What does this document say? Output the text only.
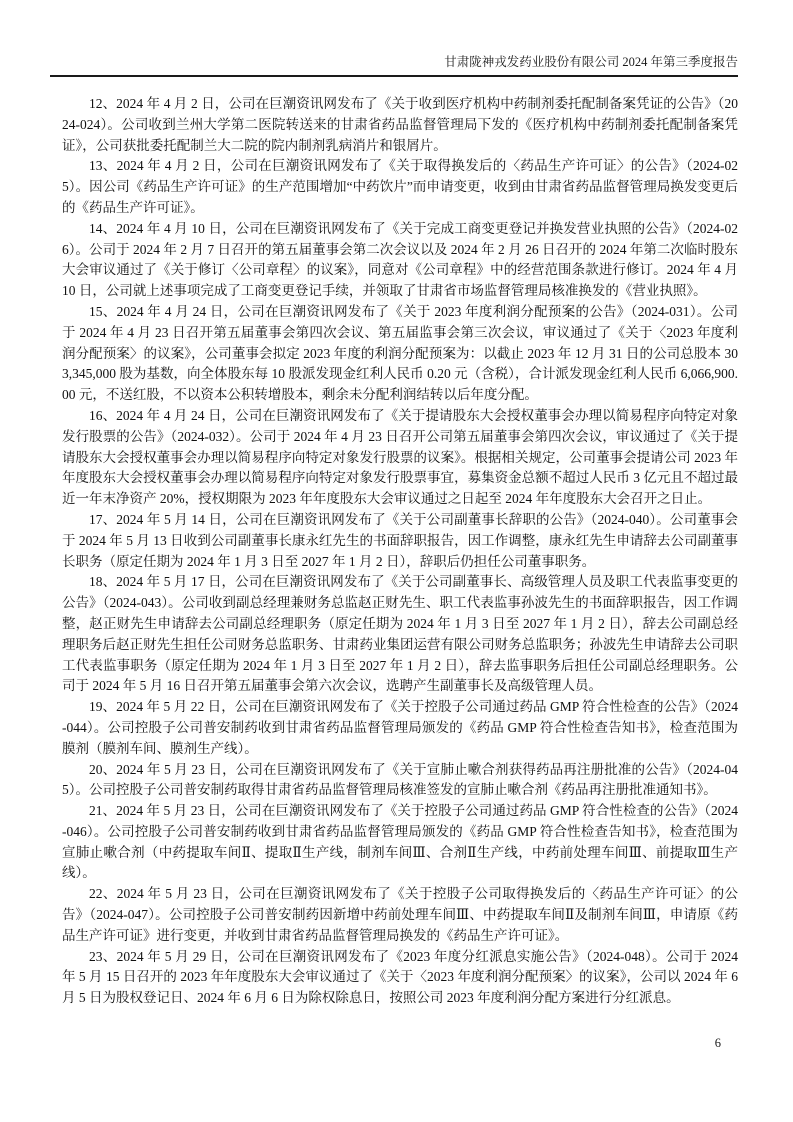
甘肃陇神戎发药业股份有限公司 2024 年第三季度报告

12、2024 年 4 月 2 日，公司在巨潮资讯网发布了《关于收到医疗机构中药制剂委托配制备案凭证的公告》（2024-024）。公司收到兰州大学第二医院转送来的甘肃省药品监督管理局下发的《医疗机构中药制剂委托配制备案凭证》，公司获批委托配制兰大二院的院内制剂乳病消片和银屑片。

13、2024 年 4 月 2 日，公司在巨潮资讯网发布了《关于取得换发后的〈药品生产许可证〉的公告》（2024-025）。因公司《药品生产许可证》的生产范围增加“中药饮片”而申请变更，收到由甘肃省药品监督管理局换发变更后的《药品生产许可证》。

14、2024 年 4 月 10 日，公司在巨潮资讯网发布了《关于完成工商变更登记并换发营业执照的公告》（2024-026）。公司于 2024 年 2 月 7 日召开的第五届董事会第二次会议以及 2024 年 2 月 26 日召开的 2024 年第二次临时股东大会审议通过了《关于修订〈公司章程〉的议案》，同意对《公司章程》中的经营范围条款进行修订。2024 年 4 月 10 日，公司就上述事项完成了工商变更登记手续，并领取了甘肃省市场监督管理局核准换发的《营业执照》。

15、2024 年 4 月 24 日，公司在巨潮资讯网发布了《关于 2023 年度利润分配预案的公告》（2024-031）。公司于 2024 年 4 月 23 日召开第五届董事会第四次会议、第五届监事会第三次会议，审议通过了《关于〈2023 年度利润分配预案〉的议案》，公司董事会拟定 2023 年度的利润分配预案为：以截止 2023 年 12 月 31 日的公司总股本 303,345,000 股为基数，向全体股东每 10 股派发现金红利人民币 0.20 元（含税），合计派发现金红利人民币 6,066,900.00 元，不送红股，不以资本公积转增股本，剩余未分配利润结转以后年度分配。

16、2024 年 4 月 24 日，公司在巨潮资讯网发布了《关于提请股东大会授权董事会办理以简易程序向特定对象发行股票的公告》（2024-032）。公司于 2024 年 4 月 23 日召开公司第五届董事会第四次会议，审议通过了《关于提请股东大会授权董事会办理以简易程序向特定对象发行股票的议案》。根据相关规定，公司董事会提请公司 2023 年年度股东大会授权董事会办理以简易程序向特定对象发行股票事宜，募集资金总额不超过人民币 3 亿元且不超过最近一年末净资产 20%，授权期限为 2023 年年度股东大会审议通过之日起至 2024 年年度股东大会召开之日止。

17、2024 年 5 月 14 日，公司在巨潮资讯网发布了《关于公司副董事长辞职的公告》（2024-040）。公司董事会于 2024 年 5 月 13 日收到公司副董事长康永红先生的书面辞职报告，因工作调整，康永红先生申请辞去公司副董事长职务（原定任期为 2024 年 1 月 3 日至 2027 年 1 月 2 日），辞职后仍担任公司董事职务。

18、2024 年 5 月 17 日，公司在巨潮资讯网发布了《关于公司副董事长、高级管理人员及职工代表监事变更的公告》（2024-043）。公司收到副总经理兼财务总监赵正财先生、职工代表监事孙波先生的书面辞职报告，因工作调整，赵正财先生申请辞去公司副总经理职务（原定任期为 2024 年 1 月 3 日至 2027 年 1 月 2 日），辞去公司副总经理职务后赵正财先生担任公司财务总监职务、甘肃药业集团运营有限公司财务总监职务；孙波先生申请辞去公司职工代表监事职务（原定任期为 2024 年 1 月 3 日至 2027 年 1 月 2 日），辞去监事职务后担任公司副总经理职务。公司于 2024 年 5 月 16 日召开第五届董事会第六次会议，选聘产生副董事长及高级管理人员。

19、2024 年 5 月 22 日，公司在巨潮资讯网发布了《关于控股子公司通过药品 GMP 符合性检查的公告》（2024-044）。公司控股子公司普安制药收到甘肃省药品监督管理局颁发的《药品 GMP 符合性检查告知书》，检查范围为膜剂（膜剂车间、膜剂生产线）。

20、2024 年 5 月 23 日，公司在巨潮资讯网发布了《关于宣肺止嗽合剂获得药品再注册批准的公告》（2024-045）。公司控股子公司普安制药取得甘肃省药品监督管理局核准签发的宣肺止嗽合剂《药品再注册批准通知书》。

21、2024 年 5 月 23 日，公司在巨潮资讯网发布了《关于控股子公司通过药品 GMP 符合性检查的公告》（2024-046）。公司控股子公司普安制药收到甘肃省药品监督管理局颁发的《药品 GMP 符合性检查告知书》，检查范围为宣肺止嗽合剂（中药提取车间Ⅱ、提取Ⅱ生产线，制剂车间Ⅲ、合剂Ⅱ生产线，中药前处理车间Ⅲ、前提取Ⅲ生产线）。

22、2024 年 5 月 23 日，公司在巨潮资讯网发布了《关于控股子公司取得换发后的〈药品生产许可证〉的公告》（2024-047）。公司控股子公司普安制药因新增中药前处理车间Ⅲ、中药提取车间Ⅱ及制剂车间Ⅲ，申请原《药品生产许可证》进行变更，并收到甘肃省药品监督管理局换发的《药品生产许可证》。

23、2024 年 5 月 29 日，公司在巨潮资讯网发布了《2023 年度分红派息实施公告》（2024-048）。公司于 2024 年 5 月 15 日召开的 2023 年年度股东大会审议通过了《关于〈2023 年度利润分配预案〉的议案》，公司以 2024 年 6 月 5 日为股权登记日、2024 年 6 月 6 日为除权除息日，按照公司 2023 年度利润分配方案进行分红派息。

6
